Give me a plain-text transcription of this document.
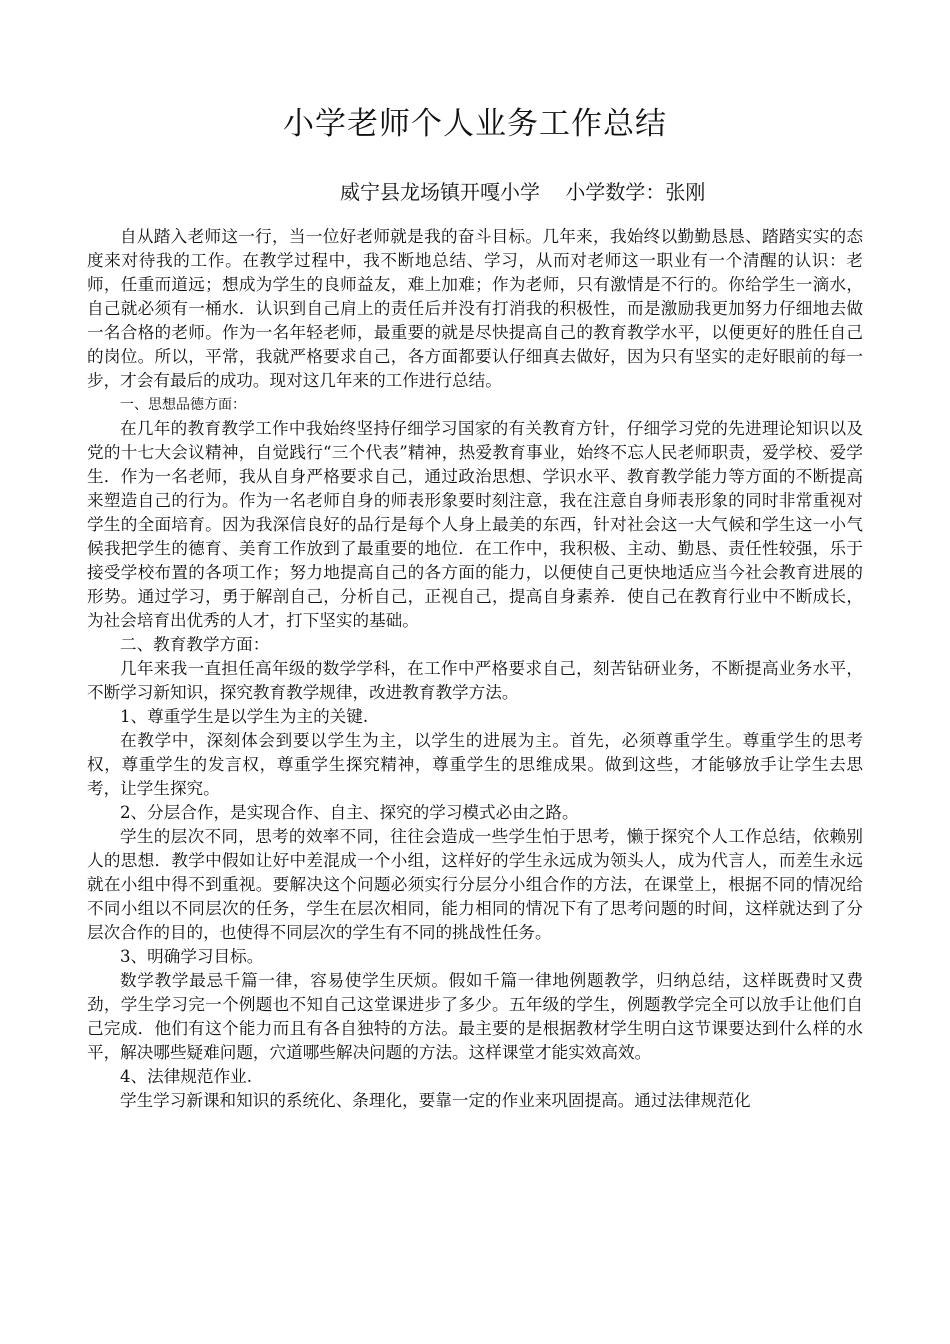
小学老师个人业务工作总结
威宁县龙场镇开嘎小学    小学数学：张刚

自从踏入老师这一行，当一位好老师就是我的奋斗目标。几年来，我始终以勤勤恳恳、踏踏实实的态度来对待我的工作。在教学过程中，我不断地总结、学习，从而对老师这一职业有一个清醒的认识：老师，任重而道远；想成为学生的良师益友，难上加难；作为老师，只有激情是不行的。你给学生一滴水，自己就必须有一桶水．认识到自己肩上的责任后并没有打消我的积极性，而是激励我更加努力仔细地去做一名合格的老师。作为一名年轻老师，最重要的就是尽快提高自己的教育教学水平，以便更好的胜任自己的岗位。所以，平常，我就严格要求自己，各方面都要认仔细真去做好，因为只有坚实的走好眼前的每一步，才会有最后的成功。现对这几年来的工作进行总结。

一、思想品德方面：

在几年的教育教学工作中我始终坚持仔细学习国家的有关教育方针，仔细学习党的先进理论知识以及党的十七大会议精神，自觉践行“三个代表”精神，热爱教育事业，始终不忘人民老师职责，爱学校、爱学生．作为一名老师，我从自身严格要求自己，通过政治思想、学识水平、教育教学能力等方面的不断提高来塑造自己的行为。作为一名老师自身的师表形象要时刻注意，我在注意自身师表形象的同时非常重视对学生的全面培育。因为我深信良好的品行是每个人身上最美的东西，针对社会这一大气候和学生这一小气候我把学生的德育、美育工作放到了最重要的地位．在工作中，我积极、主动、勤恳、责任性较强，乐于接受学校布置的各项工作；努力地提高自己的各方面的能力，以便使自己更快地适应当今社会教育进展的形势。通过学习，勇于解剖自己，分析自己，正视自己，提高自身素养．使自己在教育行业中不断成长，为社会培育出优秀的人才，打下坚实的基础。

二、教育教学方面：

几年来我一直担任高年级的数学学科，在工作中严格要求自己，刻苦钻研业务，不断提高业务水平，不断学习新知识，探究教育教学规律，改进教育教学方法。

1、尊重学生是以学生为主的关键.

在教学中，深刻体会到要以学生为主，以学生的进展为主。首先，必须尊重学生。尊重学生的思考权，尊重学生的发言权，尊重学生探究精神，尊重学生的思维成果。做到这些，才能够放手让学生去思考，让学生探究。

2、分层合作，是实现合作、自主、探究的学习模式必由之路。

学生的层次不同，思考的效率不同，往往会造成一些学生怕于思考，懒于探究个人工作总结，依赖别人的思想．教学中假如让好中差混成一个小组，这样好的学生永远成为领头人，成为代言人，而差生永远就在小组中得不到重视。要解决这个问题必须实行分层分小组合作的方法，在课堂上，根据不同的情况给不同小组以不同层次的任务，学生在层次相同，能力相同的情况下有了思考问题的时间，这样就达到了分层次合作的目的，也使得不同层次的学生有不同的挑战性任务。

3、明确学习目标。

数学教学最忌千篇一律，容易使学生厌烦。假如千篇一律地例题教学，归纳总结，这样既费时又费劲，学生学习完一个例题也不知自己这堂课进步了多少。五年级的学生，例题教学完全可以放手让他们自己完成．他们有这个能力而且有各自独特的方法。最主要的是根据教材学生明白这节课要达到什么样的水平，解决哪些疑难问题，穴道哪些解决问题的方法。这样课堂才能实效高效。

4、法律规范作业.

学生学习新课和知识的系统化、条理化，要靠一定的作业来巩固提高。通过法律规范化
